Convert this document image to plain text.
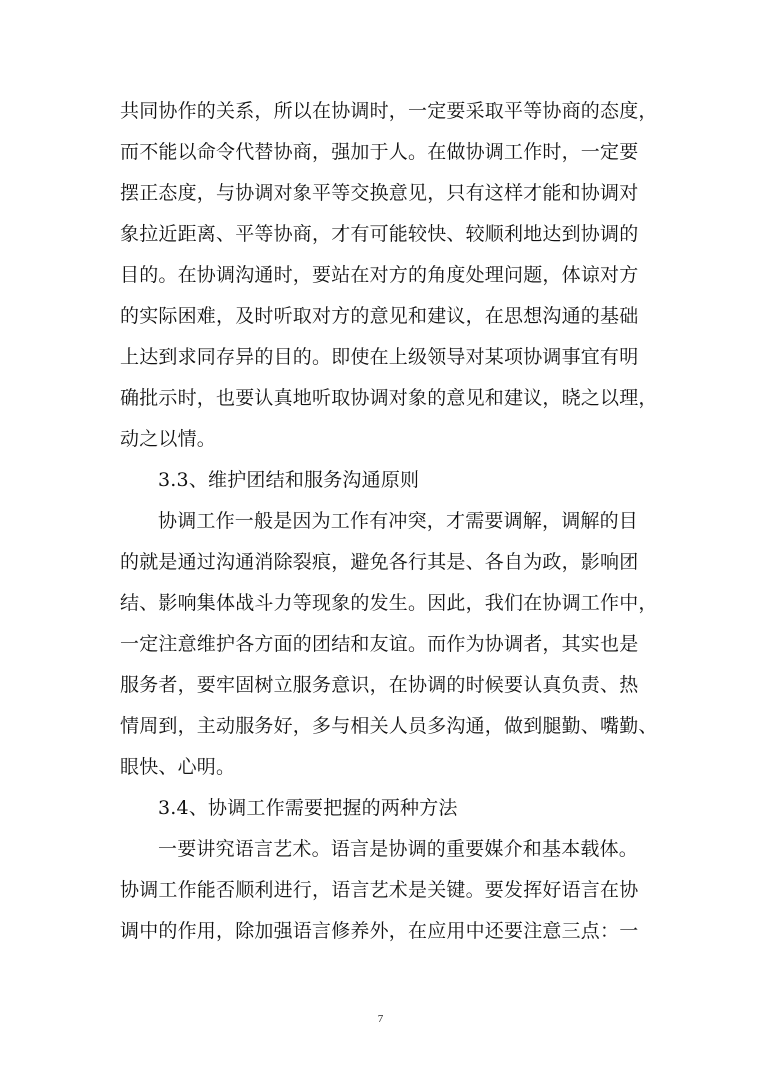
共同协作的关系，所以在协调时，一定要采取平等协商的态度，
而不能以命令代替协商，强加于人。在做协调工作时，一定要
摆正态度，与协调对象平等交换意见，只有这样才能和协调对
象拉近距离、平等协商，才有可能较快、较顺利地达到协调的
目的。在协调沟通时，要站在对方的角度处理问题，体谅对方
的实际困难，及时听取对方的意见和建议，在思想沟通的基础
上达到求同存异的目的。即使在上级领导对某项协调事宜有明
确批示时，也要认真地听取协调对象的意见和建议，晓之以理，
动之以情。
3.3、维护团结和服务沟通原则
协调工作一般是因为工作有冲突，才需要调解，调解的目
的就是通过沟通消除裂痕，避免各行其是、各自为政，影响团
结、影响集体战斗力等现象的发生。因此，我们在协调工作中，
一定注意维护各方面的团结和友谊。而作为协调者，其实也是
服务者，要牢固树立服务意识，在协调的时候要认真负责、热
情周到，主动服务好，多与相关人员多沟通，做到腿勤、嘴勤、
眼快、心明。
3.4、协调工作需要把握的两种方法
一要讲究语言艺术。语言是协调的重要媒介和基本载体。
协调工作能否顺利进行，语言艺术是关键。要发挥好语言在协
调中的作用，除加强语言修养外，在应用中还要注意三点：一
7
